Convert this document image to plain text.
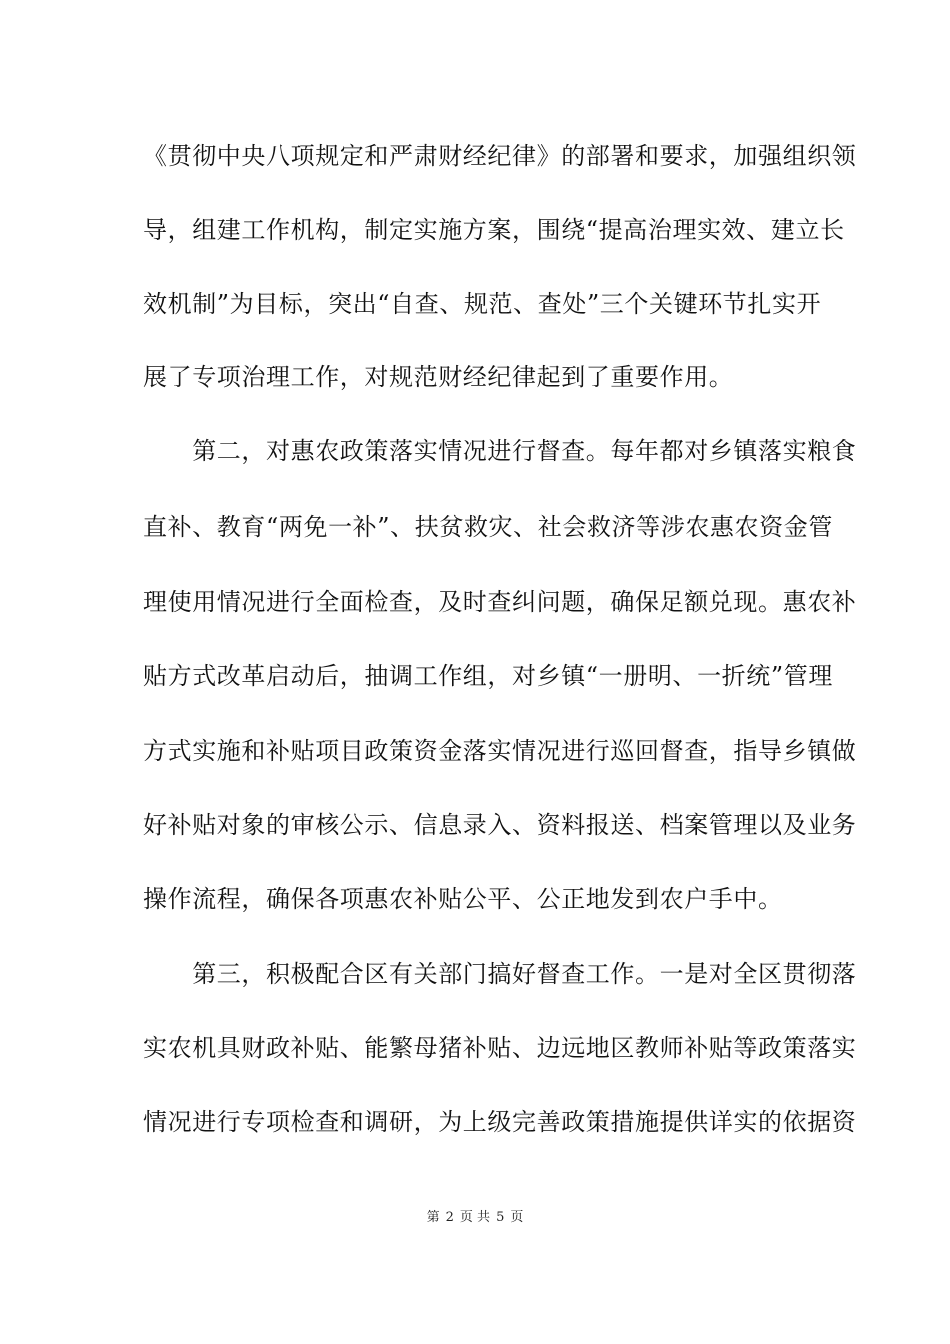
《贯彻中央八项规定和严肃财经纪律》的部署和要求，加强组织领
导，组建工作机构，制定实施方案，围绕“提高治理实效、建立长
效机制”为目标，突出“自查、规范、查处”三个关键环节扎实开
展了专项治理工作，对规范财经纪律起到了重要作用。
　　第二，对惠农政策落实情况进行督查。每年都对乡镇落实粮食
直补、教育“两免一补”、扶贫救灾、社会救济等涉农惠农资金管
理使用情况进行全面检查，及时查纠问题，确保足额兑现。惠农补
贴方式改革启动后，抽调工作组，对乡镇“一册明、一折统”管理
方式实施和补贴项目政策资金落实情况进行巡回督查，指导乡镇做
好补贴对象的审核公示、信息录入、资料报送、档案管理以及业务
操作流程，确保各项惠农补贴公平、公正地发到农户手中。
　　第三，积极配合区有关部门搞好督查工作。一是对全区贯彻落
实农机具财政补贴、能繁母猪补贴、边远地区教师补贴等政策落实
情况进行专项检查和调研，为上级完善政策措施提供详实的依据资
第 2 页 共 5 页
